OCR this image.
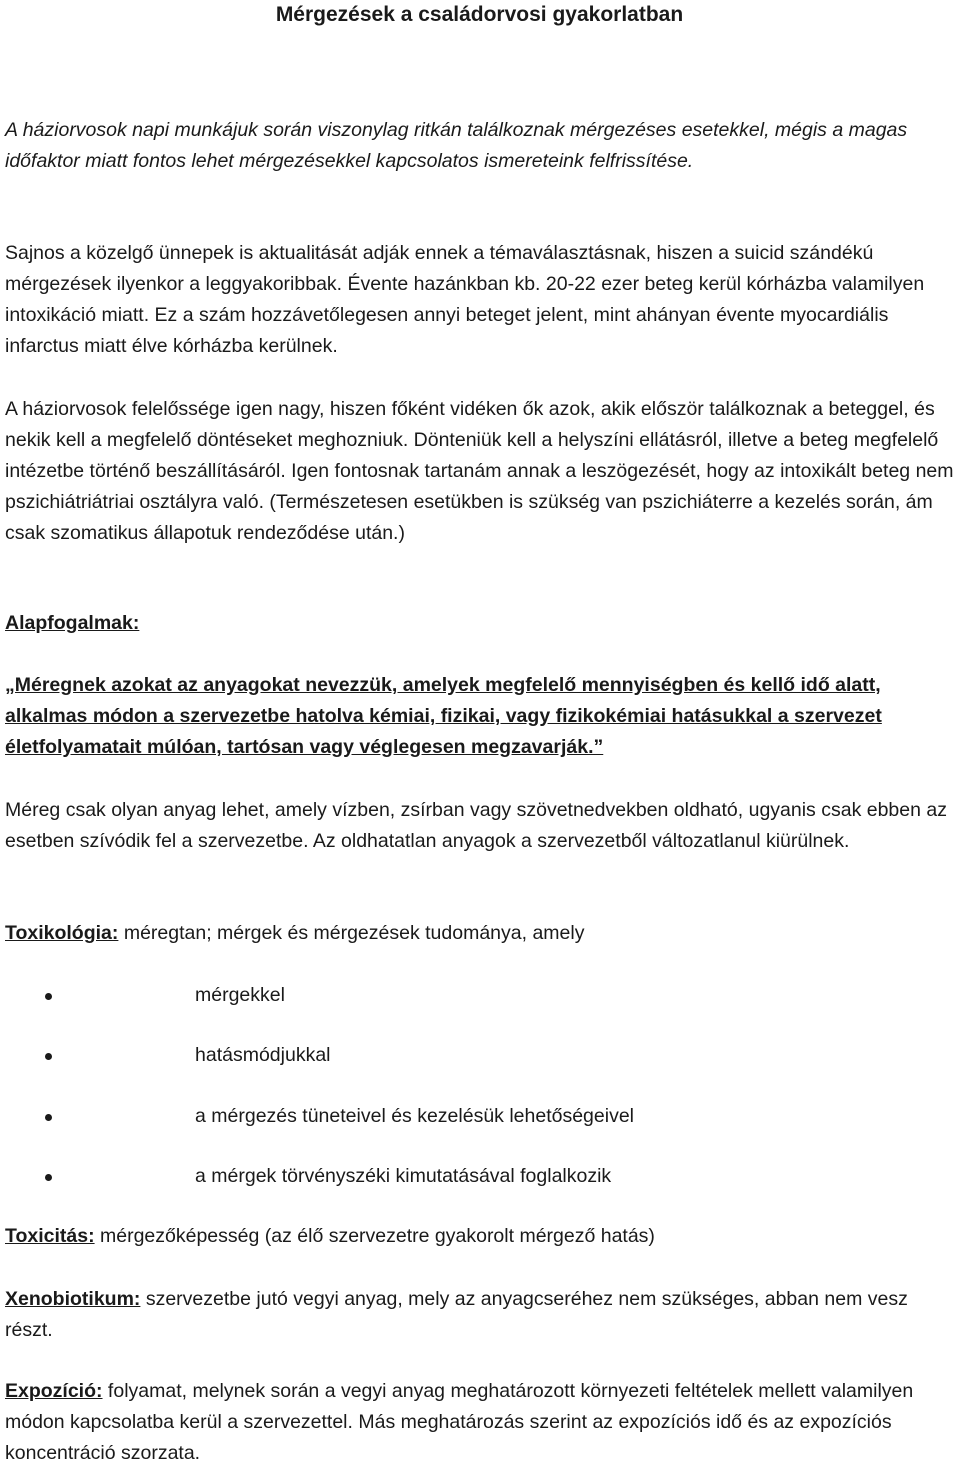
Mérgezések a családorvosi gyakorlatban

A háziorvosok napi munkájuk során viszonylag ritkán találkoznak mérgezéses esetekkel, mégis a magas időfaktor miatt fontos lehet mérgezésekkel kapcsolatos ismereteink felfrissítése.

Sajnos a közelgő ünnepek is aktualitását adják ennek a témaválasztásnak, hiszen a suicid szándékú mérgezések ilyenkor a leggyakoribbak. Évente hazánkban kb. 20-22 ezer beteg kerül kórházba valamilyen intoxikáció miatt. Ez a szám hozzávetőlegesen annyi beteget jelent, mint ahányan évente myocardiális infarctus miatt élve kórházba kerülnek.

A háziorvosok felelőssége igen nagy, hiszen főként vidéken ők azok, akik először találkoznak a beteggel, és nekik kell a megfelelő döntéseket meghozniuk. Dönteniük kell a helyszíni ellátásról, illetve a beteg megfelelő intézetbe történő beszállításáról. Igen fontosnak tartanám annak a leszögezését, hogy az intoxikált beteg nem pszichiátriátriai osztályra való. (Természetesen esetükben is szükség van pszichiáterre a kezelés során, ám csak szomatikus állapotuk rendeződése után.)

Alapfogalmak:

„Méregnek azokat az anyagokat nevezzük, amelyek megfelelő mennyiségben és kellő idő alatt, alkalmas módon a szervezetbe hatolva kémiai, fizikai, vagy fizikokémiai hatásukkal a szervezet életfolyamatait múlóan, tartósan vagy véglegesen megzavarják.”

Méreg csak olyan anyag lehet, amely vízben, zsírban vagy szövetnedvekben oldható, ugyanis csak ebben az esetben szívódik fel a szervezetbe. Az oldhatatlan anyagok a szervezetből változatlanul kiürülnek.

Toxikológia: méregtan; mérgek és mérgezések tudománya, amely

mérgekkel
hatásmódjukkal
a mérgezés tüneteivel és kezelésük lehetőségeivel
a mérgek törvényszéki kimutatásával foglalkozik

Toxicitás: mérgezőképesség (az élő szervezetre gyakorolt mérgező hatás)

Xenobiotikum: szervezetbe jutó vegyi anyag, mely az anyagcseréhez nem szükséges, abban nem vesz részt.

Expozíció: folyamat, melynek során a vegyi anyag meghatározott környezeti feltételek mellett valamilyen módon kapcsolatba kerül a szervezettel. Más meghatározás szerint az expozíciós idő és az expozíciós koncentráció szorzata.
